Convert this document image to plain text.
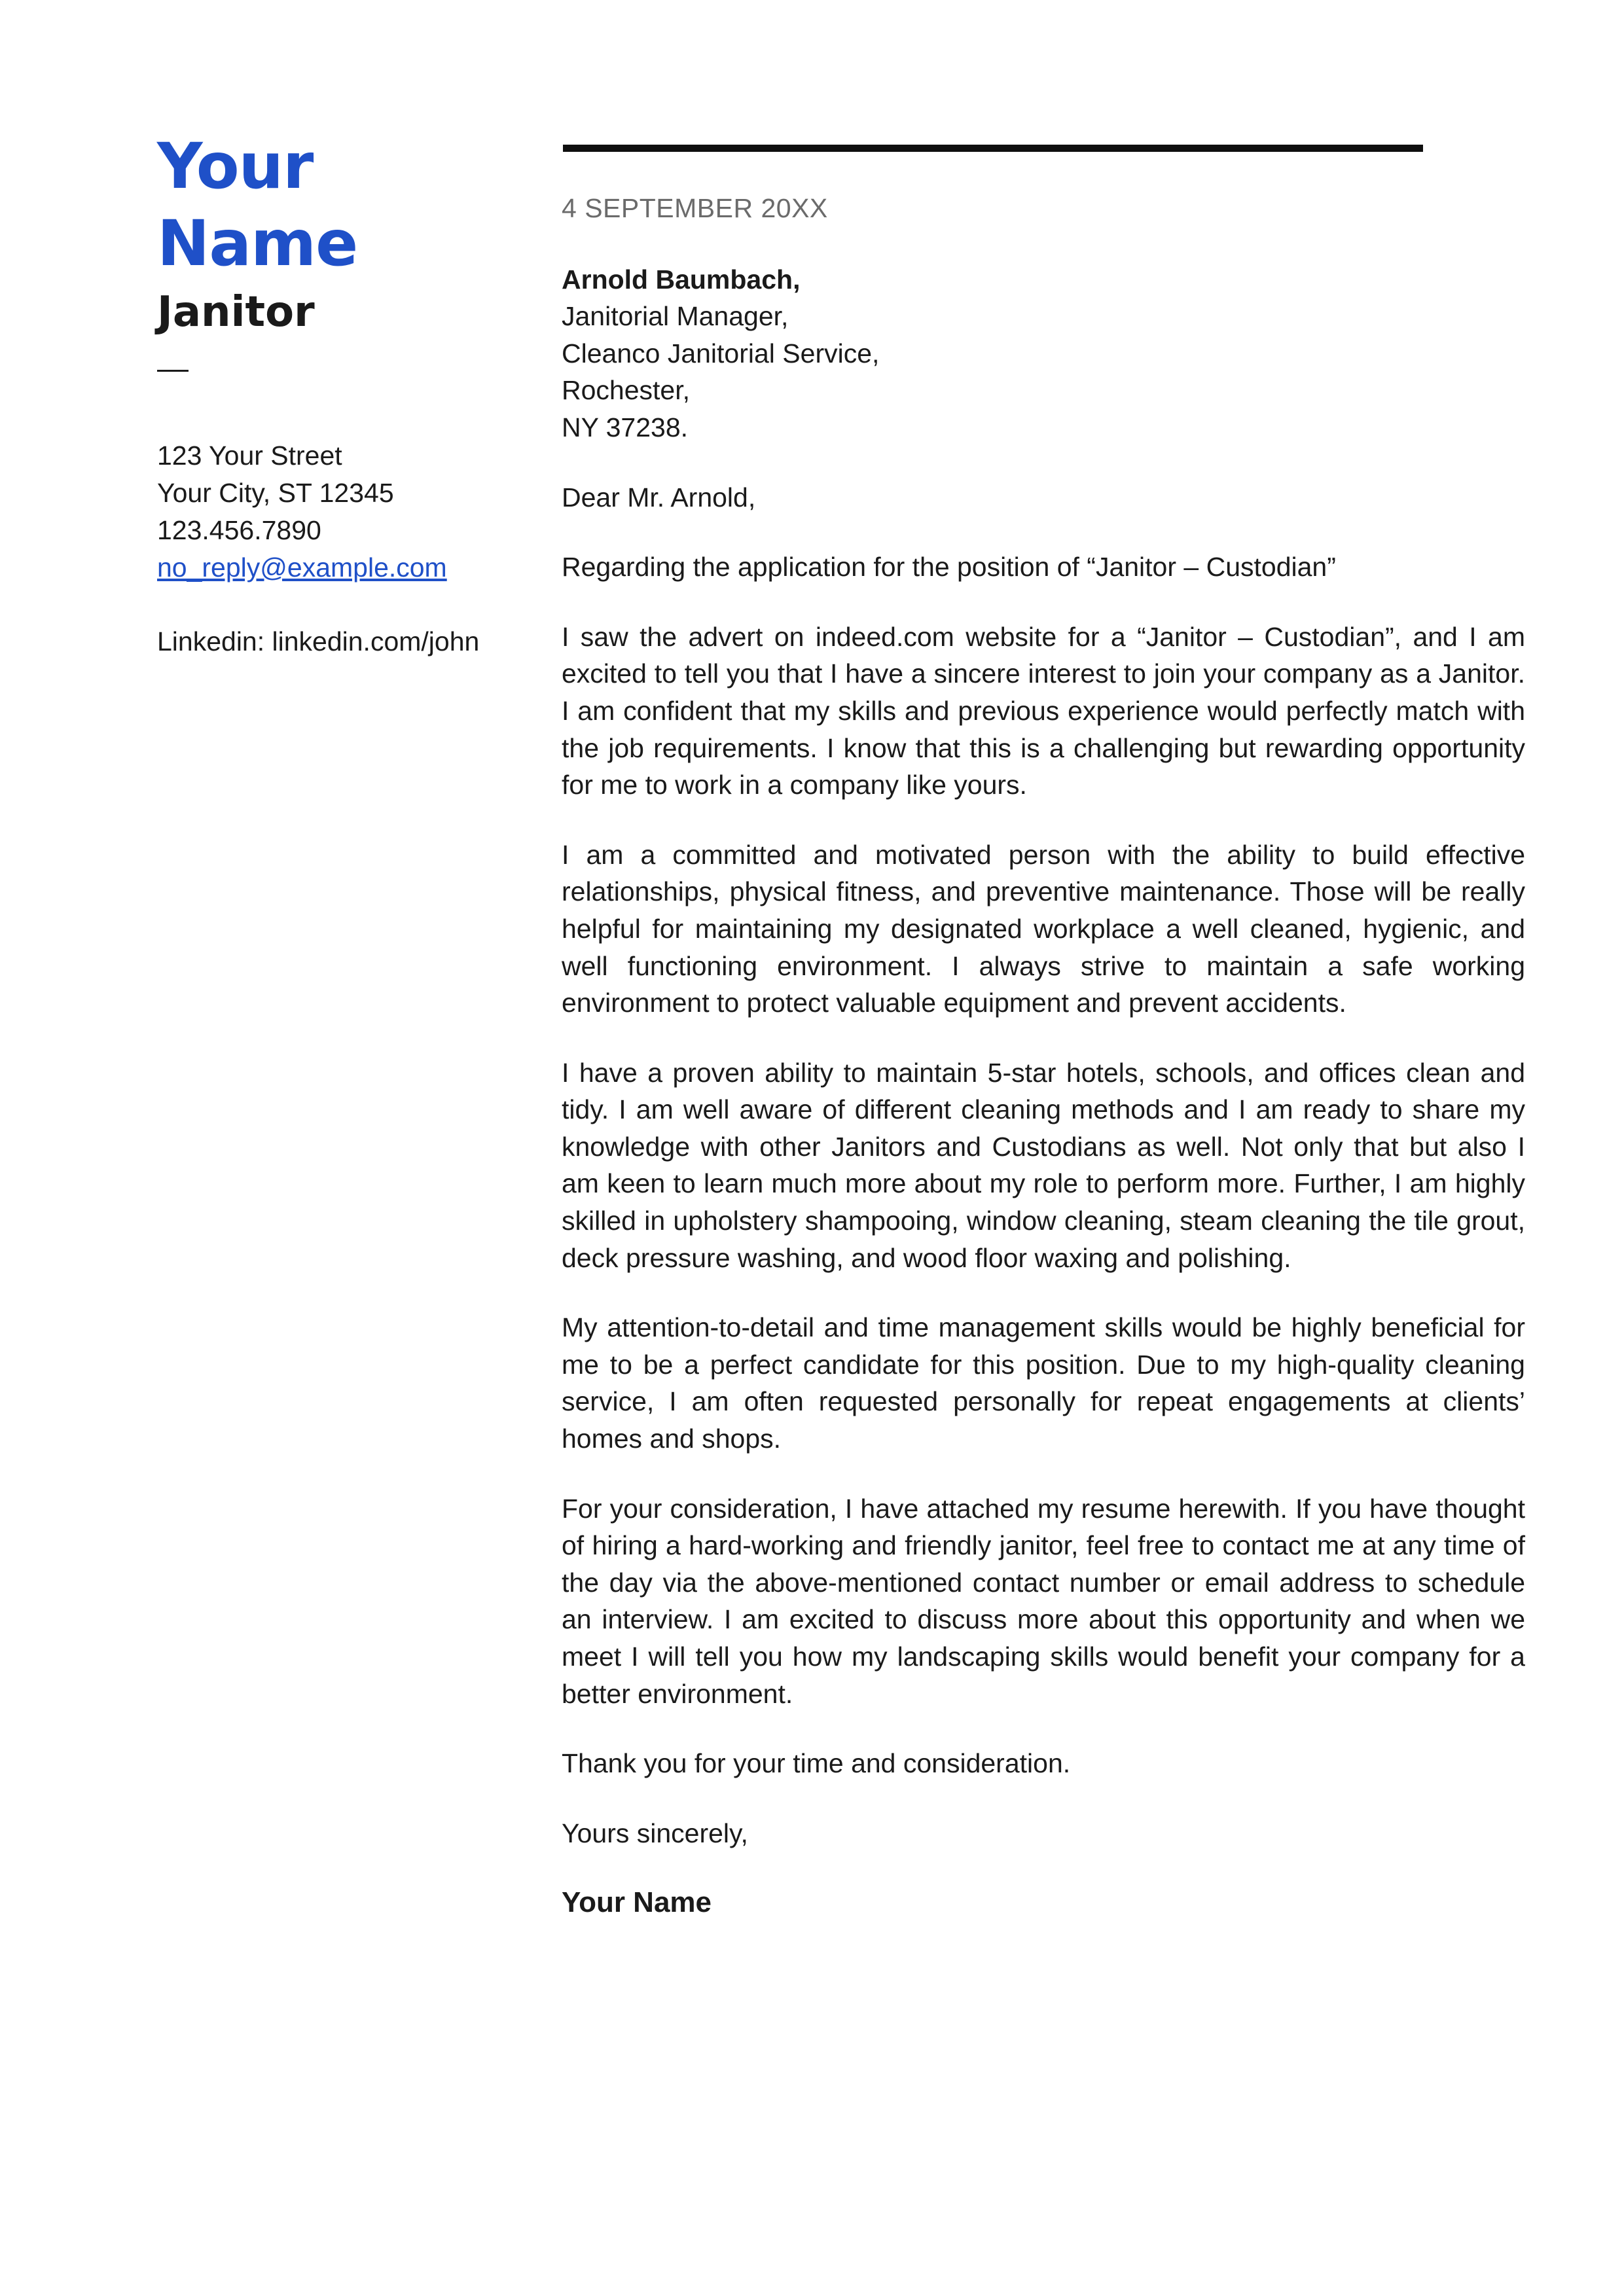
Your
Name
Janitor
123 Your Street
Your City, ST 12345
123.456.7890
no_reply@example.com
Linkedin: linkedin.com/john
4 SEPTEMBER 20XX
Arnold Baumbach,
Janitorial Manager,
Cleanco Janitorial Service,
Rochester,
NY 37238.
Dear Mr. Arnold,
Regarding the application for the position of “Janitor – Custodian”
I saw the advert on indeed.com website for a “Janitor – Custodian”, and I am excited to tell you that I have a sincere interest to join your company as a Janitor. I am confident that my skills and previous experience would perfectly match with the job requirements. I know that this is a challenging but rewarding opportunity for me to work in a company like yours.
I am a committed and motivated person with the ability to build effective relationships, physical fitness, and preventive maintenance. Those will be really helpful for maintaining my designated workplace a well cleaned, hygienic, and well functioning environment. I always strive to maintain a safe working environment to protect valuable equipment and prevent accidents.
I have a proven ability to maintain 5-star hotels, schools, and offices clean and tidy. I am well aware of different cleaning methods and I am ready to share my knowledge with other Janitors and Custodians as well. Not only that but also I am keen to learn much more about my role to perform more. Further, I am highly skilled in upholstery shampooing, window cleaning, steam cleaning the tile grout, deck pressure washing, and wood floor waxing and polishing.
My attention-to-detail and time management skills would be highly beneficial for me to be a perfect candidate for this position. Due to my high-quality cleaning service, I am often requested personally for repeat engagements at clients’ homes and shops.
For your consideration, I have attached my resume herewith. If you have thought of hiring a hard-working and friendly janitor, feel free to contact me at any time of the day via the above-mentioned contact number or email address to schedule an interview. I am excited to discuss more about this opportunity and when we meet I will tell you how my landscaping skills would benefit your company for a better environment.
Thank you for your time and consideration.
Yours sincerely,
Your Name
